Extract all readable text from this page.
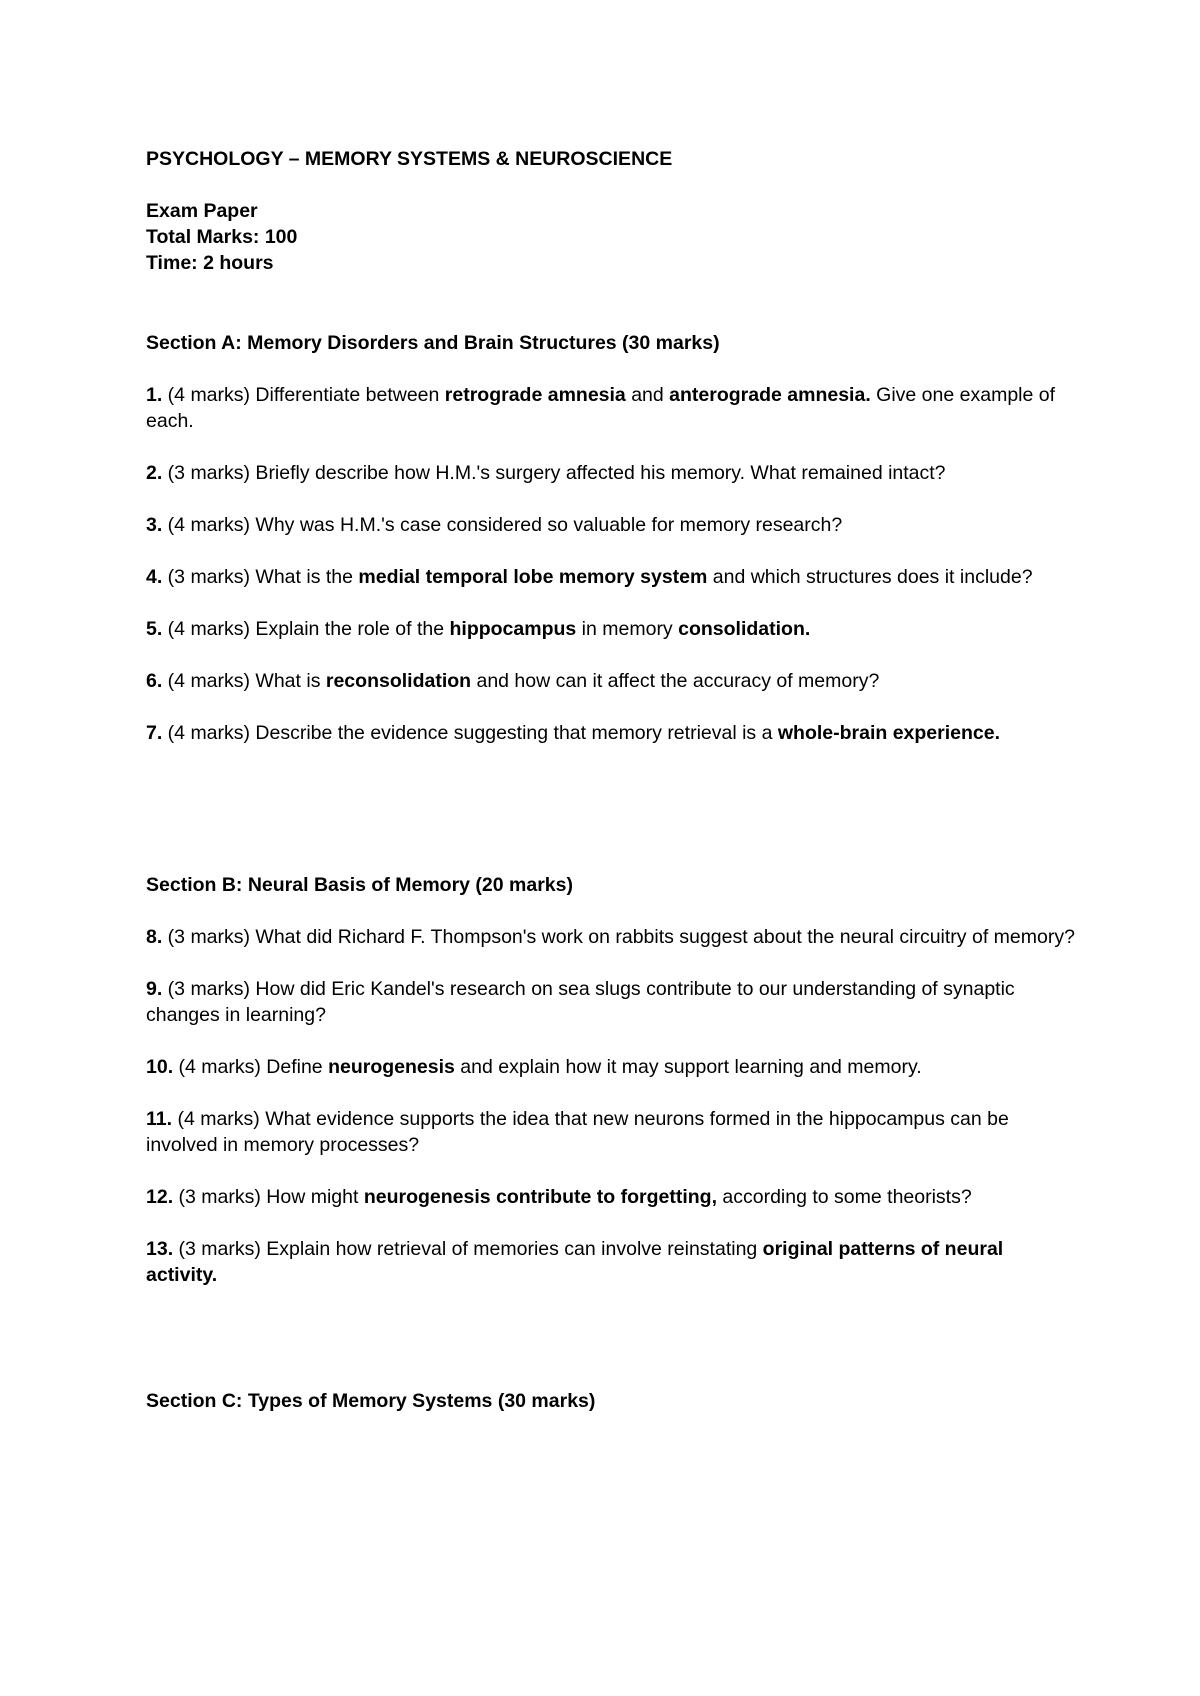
PSYCHOLOGY – MEMORY SYSTEMS & NEUROSCIENCE

Exam Paper
Total Marks: 100
Time: 2 hours

Section A: Memory Disorders and Brain Structures (30 marks)

1. (4 marks) Differentiate between retrograde amnesia and anterograde amnesia. Give one example of each.
2. (3 marks) Briefly describe how H.M.'s surgery affected his memory. What remained intact?
3. (4 marks) Why was H.M.'s case considered so valuable for memory research?
4. (3 marks) What is the medial temporal lobe memory system and which structures does it include?
5. (4 marks) Explain the role of the hippocampus in memory consolidation.
6. (4 marks) What is reconsolidation and how can it affect the accuracy of memory?
7. (4 marks) Describe the evidence suggesting that memory retrieval is a whole-brain experience.

Section B: Neural Basis of Memory (20 marks)

8. (3 marks) What did Richard F. Thompson's work on rabbits suggest about the neural circuitry of memory?
9. (3 marks) How did Eric Kandel's research on sea slugs contribute to our understanding of synaptic changes in learning?
10. (4 marks) Define neurogenesis and explain how it may support learning and memory.
11. (4 marks) What evidence supports the idea that new neurons formed in the hippocampus can be involved in memory processes?
12. (3 marks) How might neurogenesis contribute to forgetting, according to some theorists?
13. (3 marks) Explain how retrieval of memories can involve reinstating original patterns of neural activity.

Section C: Types of Memory Systems (30 marks)
